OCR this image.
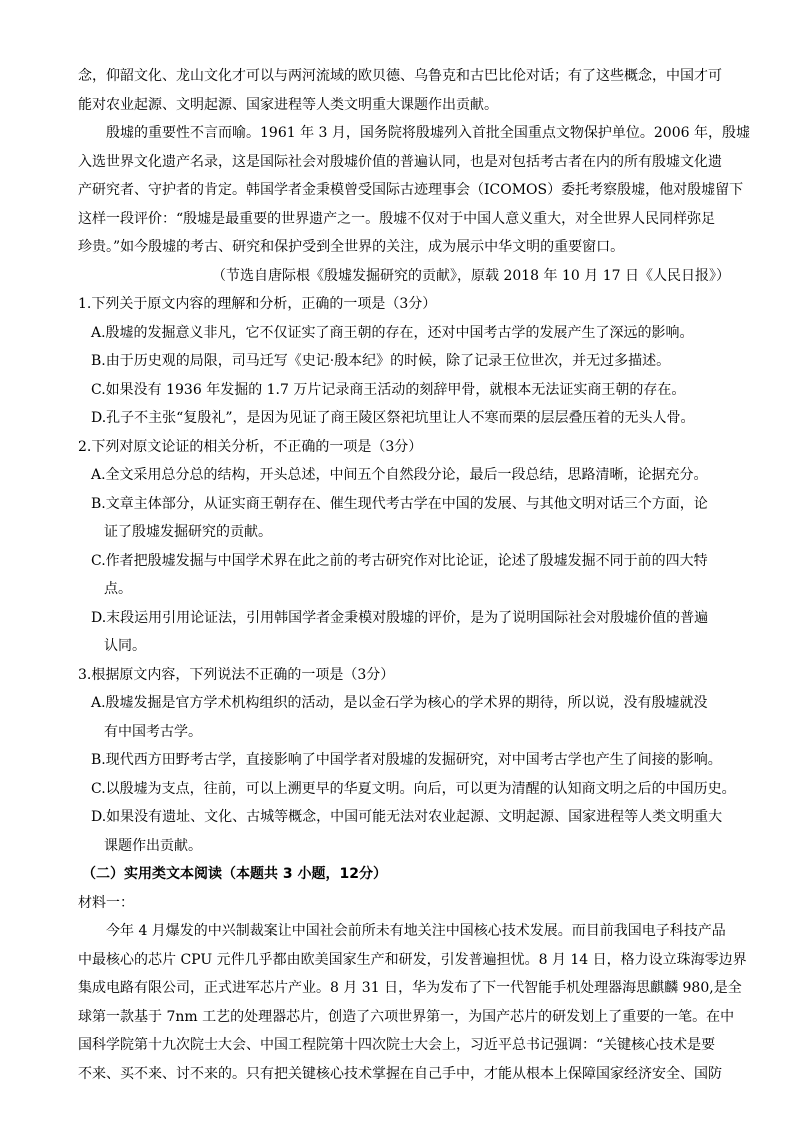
念，仰韶文化、龙山文化才可以与两河流域的欧贝德、乌鲁克和古巴比伦对话；有了这些概念，中国才可
能对农业起源、文明起源、国家进程等人类文明重大课题作出贡献。
殷墟的重要性不言而喻。1961 年 3 月，国务院将殷墟列入首批全国重点文物保护单位。2006 年，殷墟
入选世界文化遗产名录，这是国际社会对殷墟价值的普遍认同，也是对包括考古者在内的所有殷墟文化遗
产研究者、守护者的肯定。韩国学者金秉模曾受国际古迹理事会（ICOMOS）委托考察殷墟，他对殷墟留下
这样一段评价：“殷墟是最重要的世界遗产之一。殷墟不仅对于中国人意义重大，对全世界人民同样弥足
珍贵。”如今殷墟的考古、研究和保护受到全世界的关注，成为展示中华文明的重要窗口。
（节选自唐际根《殷墟发掘研究的贡献》，原载 2018 年 10 月 17 日《人民日报》）
1.下列关于原文内容的理解和分析，正确的一项是（3分）
A.殷墟的发掘意义非凡，它不仅证实了商王朝的存在，还对中国考古学的发展产生了深远的影响。
B.由于历史观的局限，司马迁写《史记·殷本纪》的时候，除了记录王位世次，并无过多描述。
C.如果没有 1936 年发掘的 1.7 万片记录商王活动的刻辞甲骨，就根本无法证实商王朝的存在。
D.孔子不主张“复殷礼”，是因为见证了商王陵区祭祀坑里让人不寒而栗的层层叠压着的无头人骨。
2.下列对原文论证的相关分析，不正确的一项是（3分）
A.全文采用总分总的结构，开头总述，中间五个自然段分论，最后一段总结，思路清晰，论据充分。
B.文章主体部分，从证实商王朝存在、催生现代考古学在中国的发展、与其他文明对话三个方面，论
证了殷墟发掘研究的贡献。
C.作者把殷墟发掘与中国学术界在此之前的考古研究作对比论证，论述了殷墟发掘不同于前的四大特
点。
D.末段运用引用论证法，引用韩国学者金秉模对殷墟的评价，是为了说明国际社会对殷墟价值的普遍
认同。
3.根据原文内容，下列说法不正确的一项是（3分）
A.殷墟发掘是官方学术机构组织的活动，是以金石学为核心的学术界的期待，所以说，没有殷墟就没
有中国考古学。
B.现代西方田野考古学，直接影响了中国学者对殷墟的发掘研究，对中国考古学也产生了间接的影响。
C.以殷墟为支点，往前，可以上溯更早的华夏文明。向后，可以更为清醒的认知商文明之后的中国历史。
D.如果没有遗址、文化、古城等概念，中国可能无法对农业起源、文明起源、国家进程等人类文明重大
课题作出贡献。
（二）实用类文本阅读（本题共 3 小题，12分）
材料一：
今年 4 月爆发的中兴制裁案让中国社会前所未有地关注中国核心技术发展。而目前我国电子科技产品
中最核心的芯片 CPU 元件几乎都由欧美国家生产和研发，引发普遍担忧。8 月 14 日，格力设立珠海零边界
集成电路有限公司，正式进军芯片产业。8 月 31 日，华为发布了下一代智能手机处理器海思麒麟 980,是全
球第一款基于 7nm 工艺的处理器芯片，创造了六项世界第一，为国产芯片的研发划上了重要的一笔。在中
国科学院第十九次院士大会、中国工程院第十四次院士大会上，习近平总书记强调：“关键核心技术是要
不来、买不来、讨不来的。只有把关键核心技术掌握在自己手中，才能从根本上保障国家经济安全、国防
